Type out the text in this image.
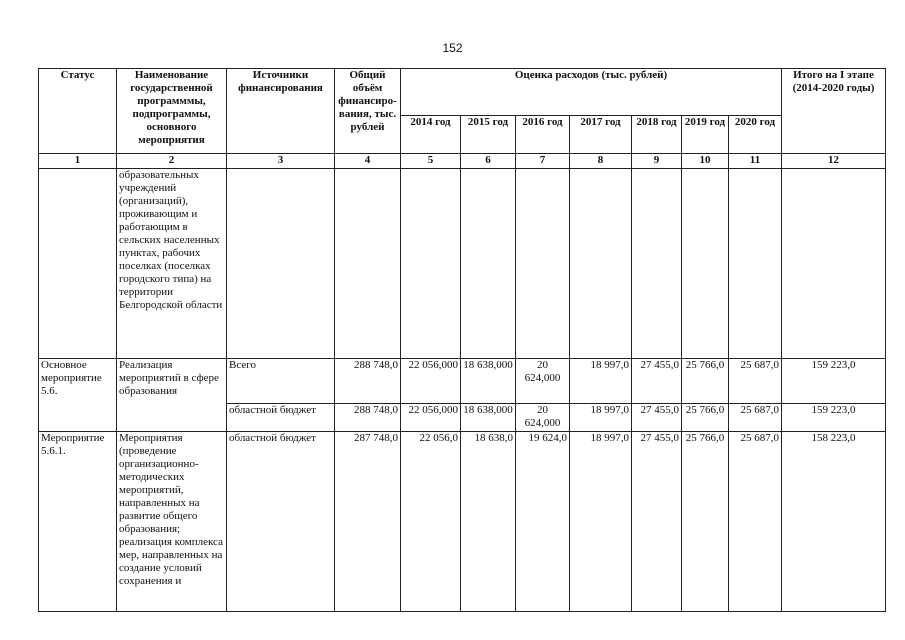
152
Статус	Наименование государственной программмы, подпрограммы, основного мероприятия	Источники финансирования	Общий объём финансиро-вания, тыс. рублей	Оценка расходов (тыс. рублей)							Итого на I этапе (2014-2020 годы)
				2014 год	2015 год	2016 год	2017 год	2018 год	2019 год	2020 год	
1	2	3	4	5	6	7	8	9	10	11	12
	образовательных учреждений (организаций), проживающим и работающим в сельских населенных пунктах, рабочих поселках (поселках городского типа) на территории Белгородской области										
Основное мероприятие 5.6.	Реализация мероприятий в сфере образования	Всего	288 748,0	22 056,000	18 638,000	20 624,000	18 997,0	27 455,0	25 766,0	25 687,0	159 223,0
		областной бюджет	288 748,0	22 056,000	18 638,000	20 624,000	18 997,0	27 455,0	25 766,0	25 687,0	159 223,0
Мероприятие 5.6.1.	Мероприятия (проведение организационно-методических мероприятий, направленных на развитие общего образования; реализация комплекса мер, направленных на создание условий сохранения и	областной бюджет	287 748,0	22 056,0	18 638,0	19 624,0	18 997,0	27 455,0	25 766,0	25 687,0	158 223,0
